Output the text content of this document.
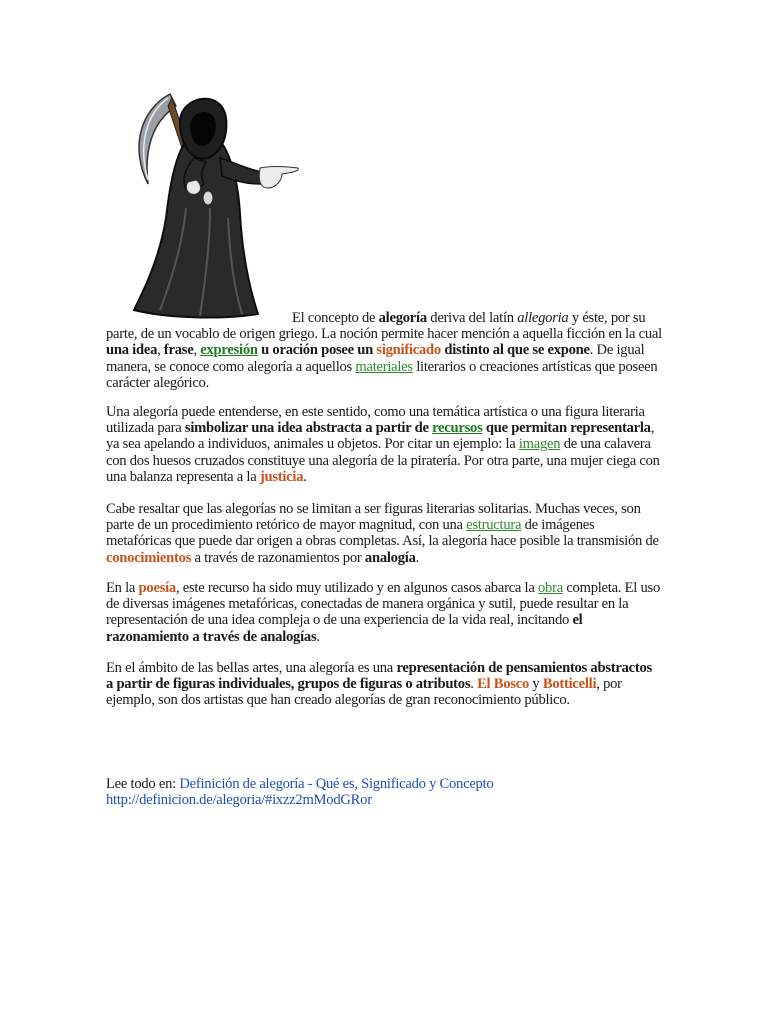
El concepto de alegoría deriva del latín allegoria y éste, por su parte, de un vocablo de origen griego. La noción permite hacer mención a aquella ficción en la cual una idea, frase, expresión u oración posee un significado distinto al que se expone. De igual manera, se conoce como alegoría a aquellos materiales literarios o creaciones artísticas que poseen carácter alegórico.

Una alegoría puede entenderse, en este sentido, como una temática artística o una figura literaria utilizada para simbolizar una idea abstracta a partir de recursos que permitan representarla, ya sea apelando a individuos, animales u objetos. Por citar un ejemplo: la imagen de una calavera con dos huesos cruzados constituye una alegoría de la piratería. Por otra parte, una mujer ciega con una balanza representa a la justicia.

Cabe resaltar que las alegorías no se limitan a ser figuras literarias solitarias. Muchas veces, son parte de un procedimiento retórico de mayor magnitud, con una estructura de imágenes metafóricas que puede dar origen a obras completas. Así, la alegoría hace posible la transmisión de conocimientos a través de razonamientos por analogía.

En la poesía, este recurso ha sido muy utilizado y en algunos casos abarca la obra completa. El uso de diversas imágenes metafóricas, conectadas de manera orgánica y sutil, puede resultar en la representación de una idea compleja o de una experiencia de la vida real, incitando el razonamiento a través de analogías.

En el ámbito de las bellas artes, una alegoría es una representación de pensamientos abstractos a partir de figuras individuales, grupos de figuras o atributos. El Bosco y Botticelli, por ejemplo, son dos artistas que han creado alegorías de gran reconocimiento público.

Lee todo en: Definición de alegoría - Qué es, Significado y Concepto
http://definicion.de/alegoria/#ixzz2mModGRor
